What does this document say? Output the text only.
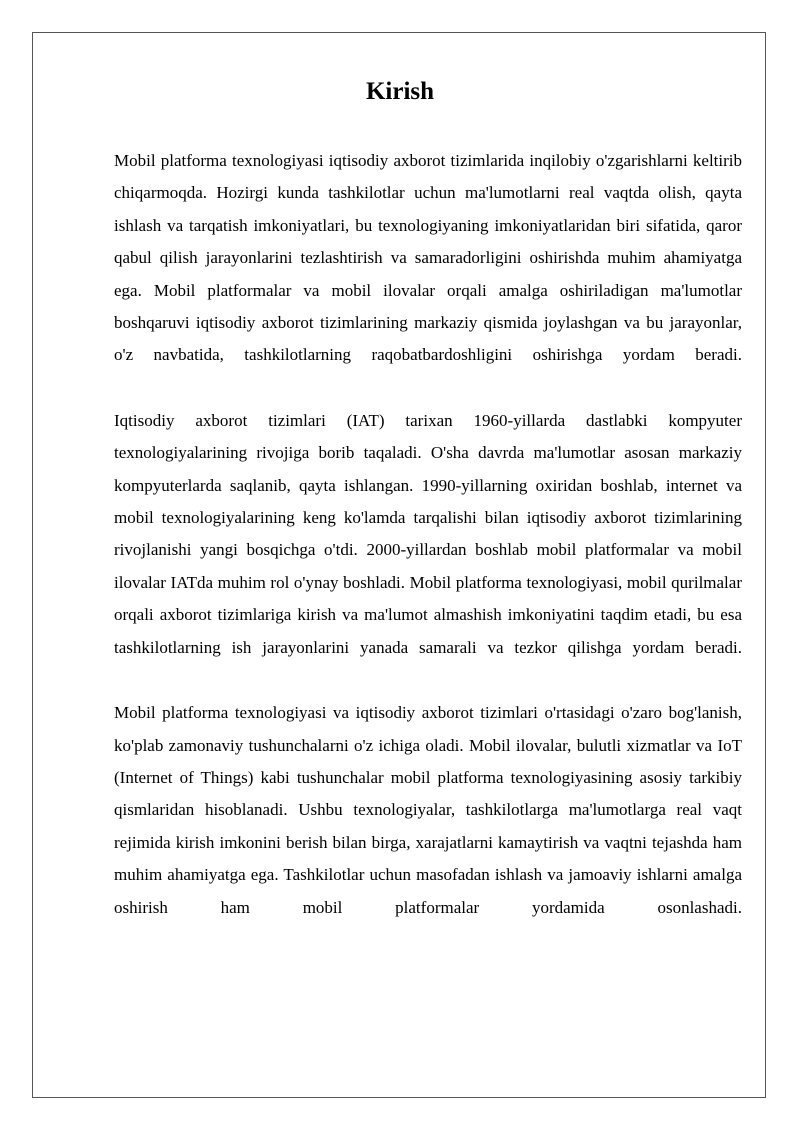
Kirish

Mobil platforma texnologiyasi iqtisodiy axborot tizimlarida inqilobiy o'zgarishlarni keltirib chiqarmoqda. Hozirgi kunda tashkilotlar uchun ma'lumotlarni real vaqtda olish, qayta ishlash va tarqatish imkoniyatlari, bu texnologiyaning imkoniyatlaridan biri sifatida, qaror qabul qilish jarayonlarini tezlashtirish va samaradorligini oshirishda muhim ahamiyatga ega. Mobil platformalar va mobil ilovalar orqali amalga oshiriladigan ma'lumotlar boshqaruvi iqtisodiy axborot tizimlarining markaziy qismida joylashgan va bu jarayonlar, o'z navbatida, tashkilotlarning raqobatbardoshligini oshirishga yordam beradi.

Iqtisodiy axborot tizimlari (IAT) tarixan 1960-yillarda dastlabki kompyuter texnologiyalarining rivojiga borib taqaladi. O'sha davrda ma'lumotlar asosan markaziy kompyuterlarda saqlanib, qayta ishlangan. 1990-yillarning oxiridan boshlab, internet va mobil texnologiyalarining keng ko'lamda tarqalishi bilan iqtisodiy axborot tizimlarining rivojlanishi yangi bosqichga o'tdi. 2000-yillardan boshlab mobil platformalar va mobil ilovalar IATda muhim rol o'ynay boshladi. Mobil platforma texnologiyasi, mobil qurilmalar orqali axborot tizimlariga kirish va ma'lumot almashish imkoniyatini taqdim etadi, bu esa tashkilotlarning ish jarayonlarini yanada samarali va tezkor qilishga yordam beradi.

Mobil platforma texnologiyasi va iqtisodiy axborot tizimlari o'rtasidagi o'zaro bog'lanish, ko'plab zamonaviy tushunchalarni o'z ichiga oladi. Mobil ilovalar, bulutli xizmatlar va IoT (Internet of Things) kabi tushunchalar mobil platforma texnologiyasining asosiy tarkibiy qismlaridan hisoblanadi. Ushbu texnologiyalar, tashkilotlarga ma'lumotlarga real vaqt rejimida kirish imkonini berish bilan birga, xarajatlarni kamaytirish va vaqtni tejashda ham muhim ahamiyatga ega. Tashkilotlar uchun masofadan ishlash va jamoaviy ishlarni amalga oshirish ham mobil platformalar yordamida osonlashadi.
